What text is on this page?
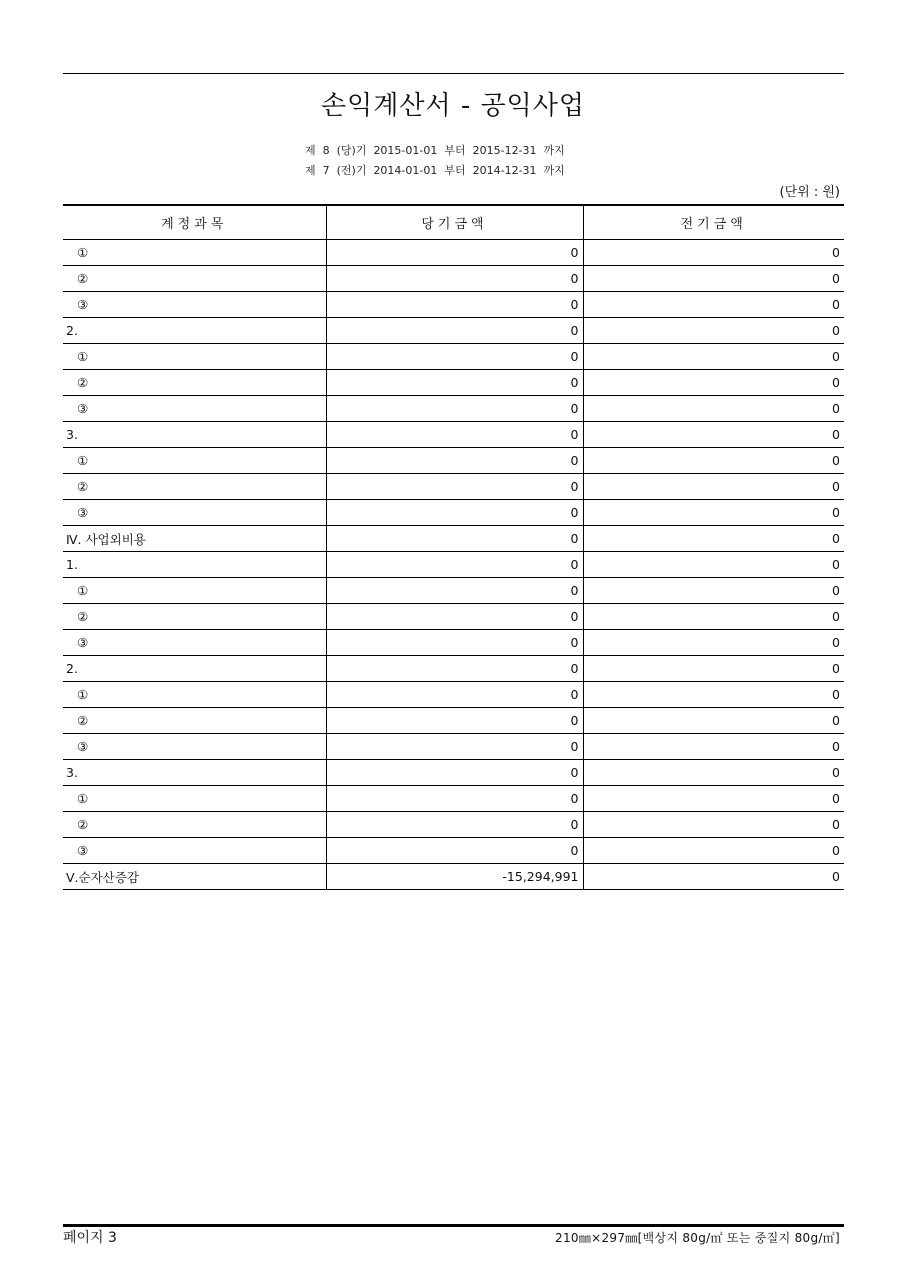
손익계산서 - 공익사업
제  8  (당)기  2015-01-01  부터  2015-12-31  까지
제  7  (전)기  2014-01-01  부터  2014-12-31  까지
(단위 : 원)
계정과목	당기금액	전기금액
①	0	0
②	0	0
③	0	0
2.	0	0
①	0	0
②	0	0
③	0	0
3.	0	0
①	0	0
②	0	0
③	0	0
Ⅳ. 사업외비용	0	0
1.	0	0
①	0	0
②	0	0
③	0	0
2.	0	0
①	0	0
②	0	0
③	0	0
3.	0	0
①	0	0
②	0	0
③	0	0
Ⅴ.순자산증감	-15,294,991	0
페이지 3	210㎜×297㎜[백상지 80g/㎡ 또는 중질지 80g/㎡]
